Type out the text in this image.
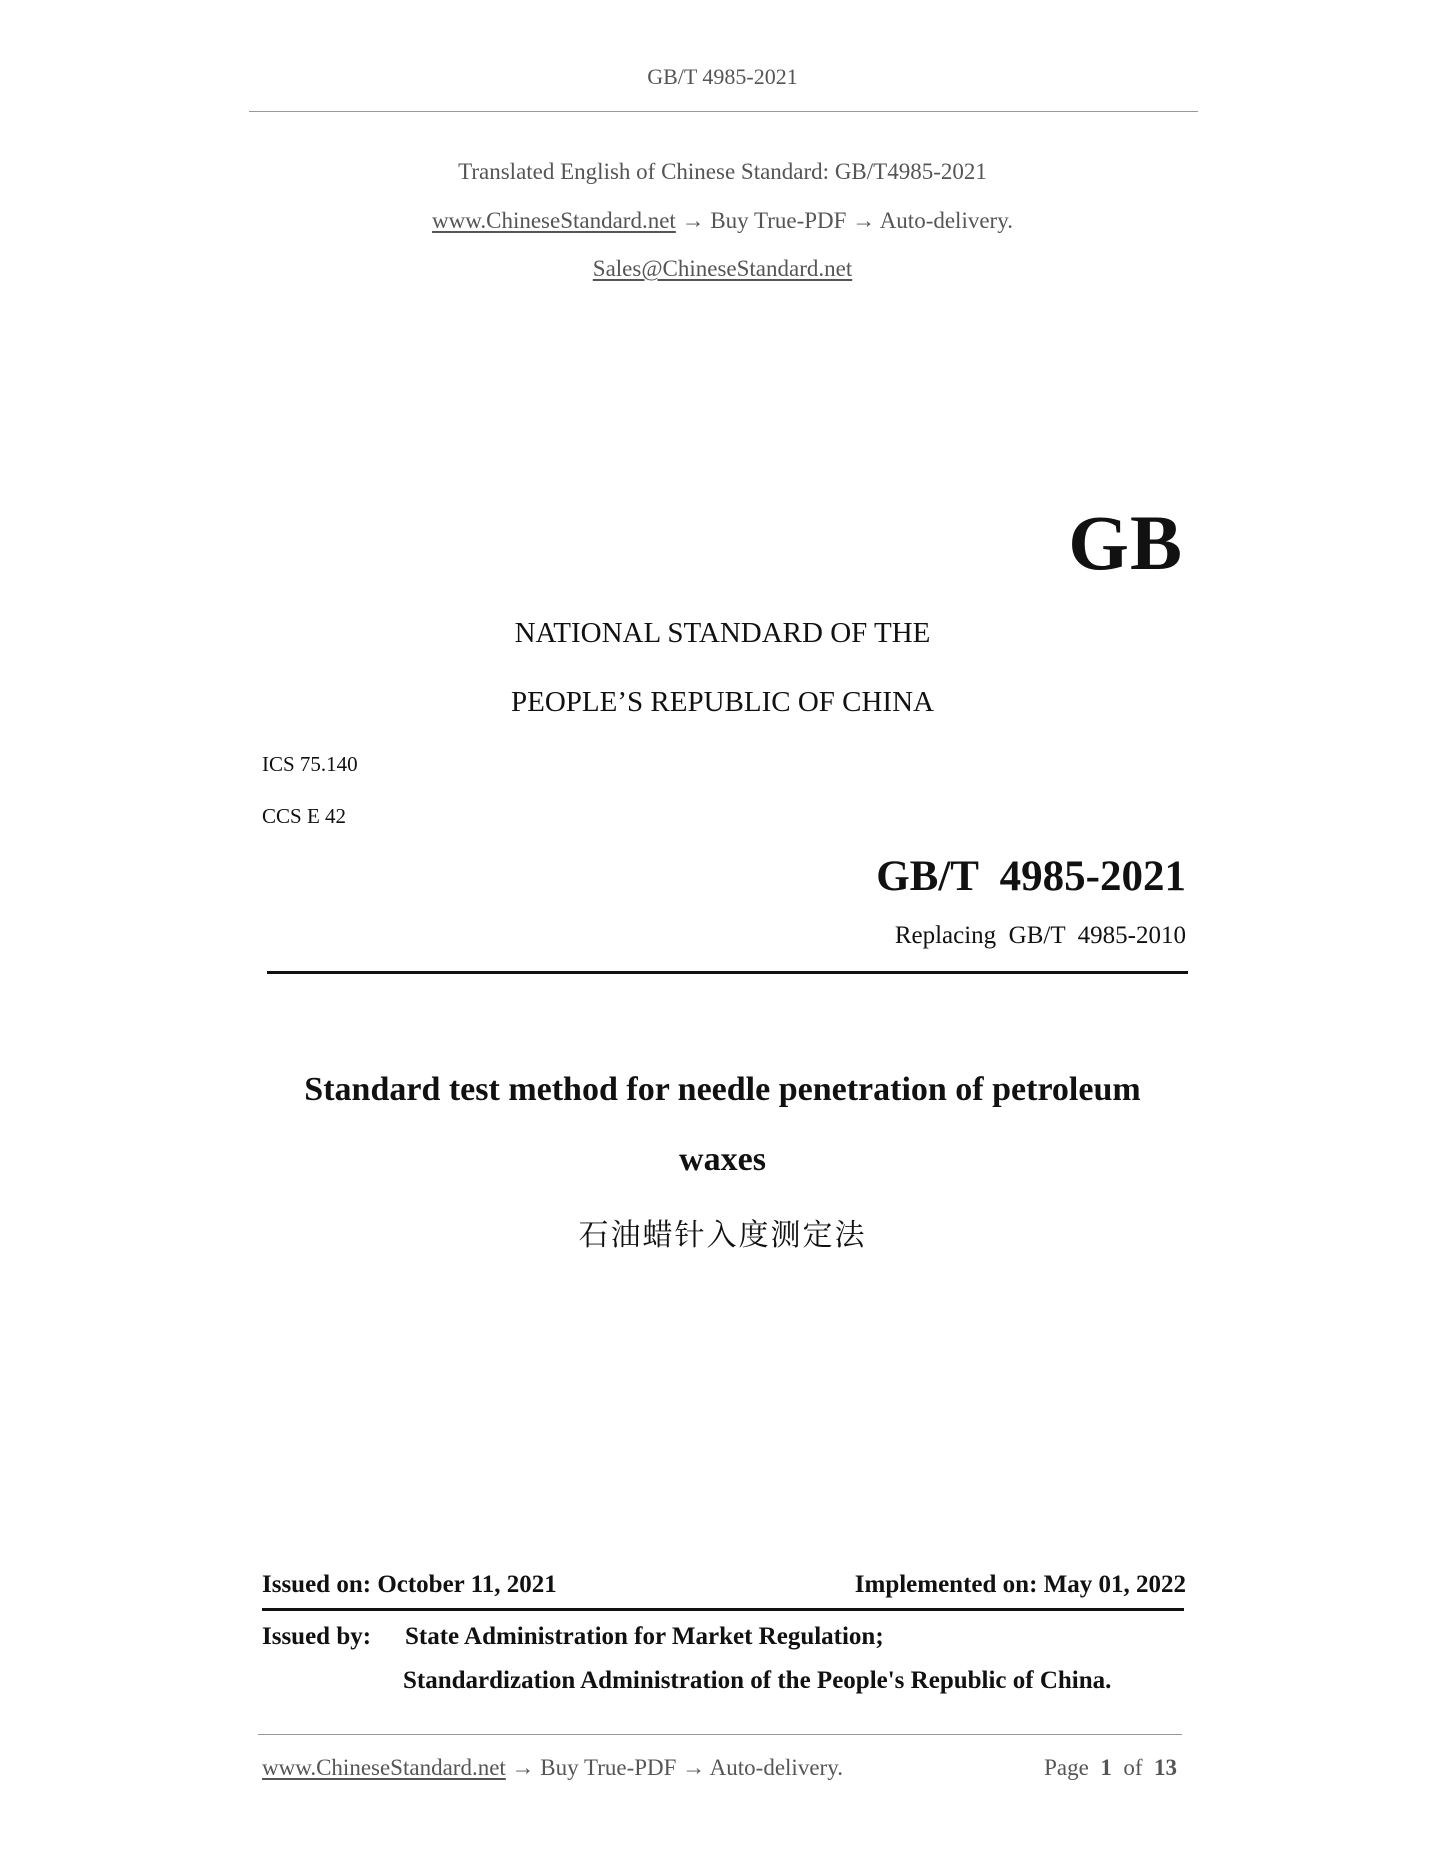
GB/T 4985-2021
Translated English of Chinese Standard: GB/T4985-2021
www.ChineseStandard.net → Buy True-PDF → Auto-delivery.
Sales@ChineseStandard.net
GB
NATIONAL STANDARD OF THE
PEOPLE’S REPUBLIC OF CHINA
ICS 75.140
CCS E 42
GB/T  4985-2021
Replacing  GB/T  4985-2010
Standard test method for needle penetration of petroleum
waxes
石油蜡针入度测定法
Issued on: October 11, 2021	Implemented on: May 01, 2022
Issued by: State Administration for Market Regulation;
Standardization Administration of the People's Republic of China.
www.ChineseStandard.net → Buy True-PDF → Auto-delivery.	Page 1 of 13
